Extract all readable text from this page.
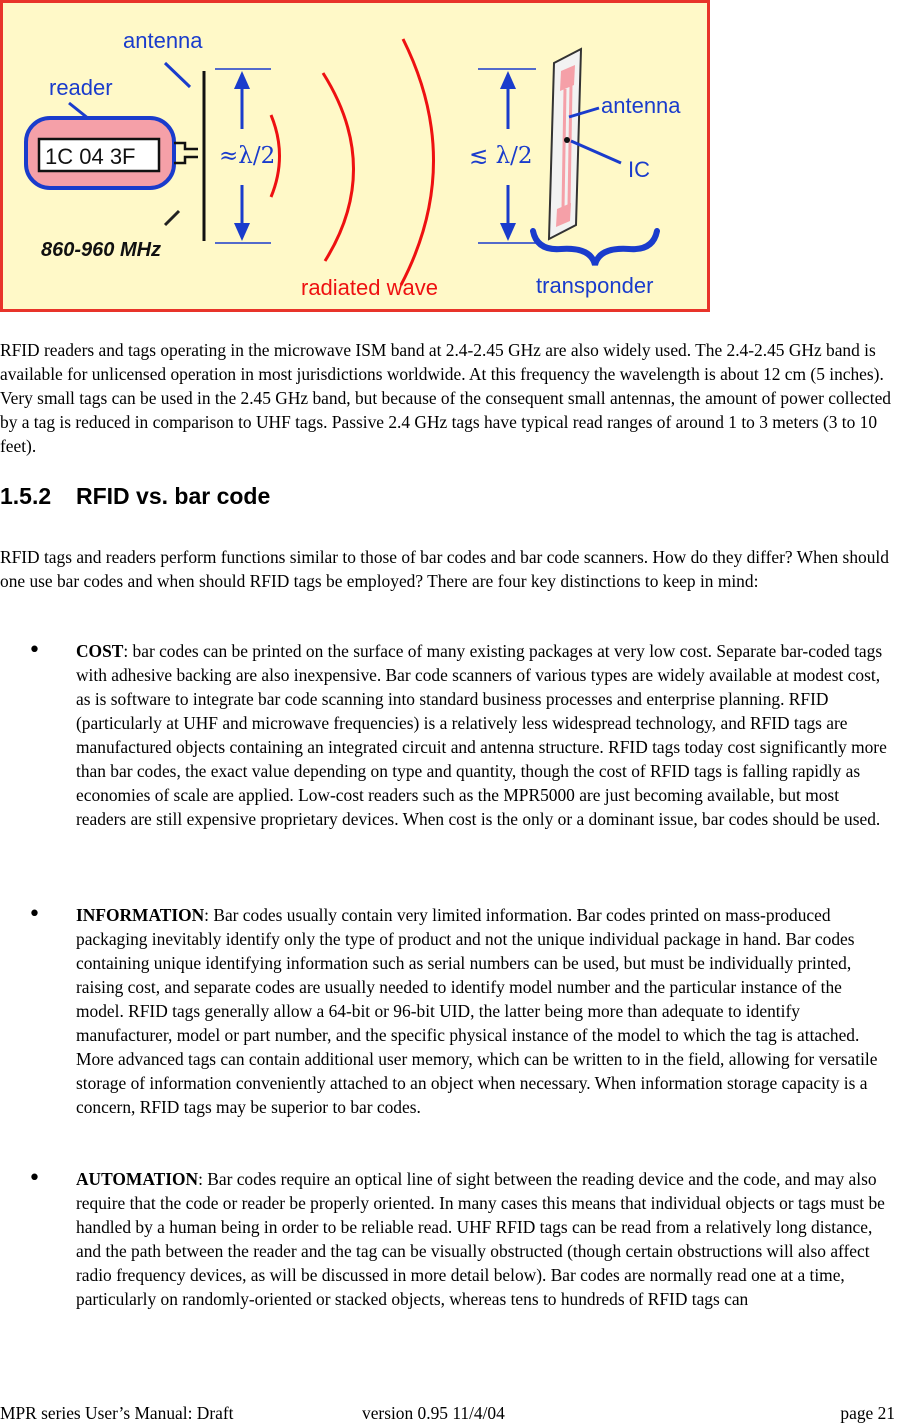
antenna
reader
1C 04 3F	≈λ/2
860-960 MHz
radiated wave
≲ λ/2
antenna
IC
transponder

RFID readers and tags operating in the microwave ISM band at 2.4-2.45 GHz are also widely used. The 2.4-2.45 GHz band is available for unlicensed operation in most jurisdictions worldwide. At this frequency the wavelength is about 12 cm (5 inches). Very small tags can be used in the 2.45 GHz band, but because of the consequent small antennas, the amount of power collected by a tag is reduced in comparison to UHF tags. Passive 2.4 GHz tags have typical read ranges of around 1 to 3 meters (3 to 10 feet).

1.5.2 RFID vs. bar code

RFID tags and readers perform functions similar to those of bar codes and bar code scanners. How do they differ? When should one use bar codes and when should RFID tags be employed? There are four key distinctions to keep in mind:

• COST: bar codes can be printed on the surface of many existing packages at very low cost. Separate bar-coded tags with adhesive backing are also inexpensive. Bar code scanners of various types are widely available at modest cost, as is software to integrate bar code scanning into standard business processes and enterprise planning. RFID (particularly at UHF and microwave frequencies) is a relatively less widespread technology, and RFID tags are manufactured objects containing an integrated circuit and antenna structure. RFID tags today cost significantly more than bar codes, the exact value depending on type and quantity, though the cost of RFID tags is falling rapidly as economies of scale are applied. Low-cost readers such as the MPR5000 are just becoming available, but most readers are still expensive proprietary devices. When cost is the only or a dominant issue, bar codes should be used.

• INFORMATION: Bar codes usually contain very limited information. Bar codes printed on mass-produced packaging inevitably identify only the type of product and not the unique individual package in hand. Bar codes containing unique identifying information such as serial numbers can be used, but must be individually printed, raising cost, and separate codes are usually needed to identify model number and the particular instance of the model. RFID tags generally allow a 64-bit or 96-bit UID, the latter being more than adequate to identify manufacturer, model or part number, and the specific physical instance of the model to which the tag is attached. More advanced tags can contain additional user memory, which can be written to in the field, allowing for versatile storage of information conveniently attached to an object when necessary. When information storage capacity is a concern, RFID tags may be superior to bar codes.

• AUTOMATION: Bar codes require an optical line of sight between the reading device and the code, and may also require that the code or reader be properly oriented. In many cases this means that individual objects or tags must be handled by a human being in order to be reliable read. UHF RFID tags can be read from a relatively long distance, and the path between the reader and the tag can be visually obstructed (though certain obstructions will also affect radio frequency devices, as will be discussed in more detail below). Bar codes are normally read one at a time, particularly on randomly-oriented or stacked objects, whereas tens to hundreds of RFID tags can

MPR series User’s Manual: Draft	version 0.95 11/4/04	page 21
